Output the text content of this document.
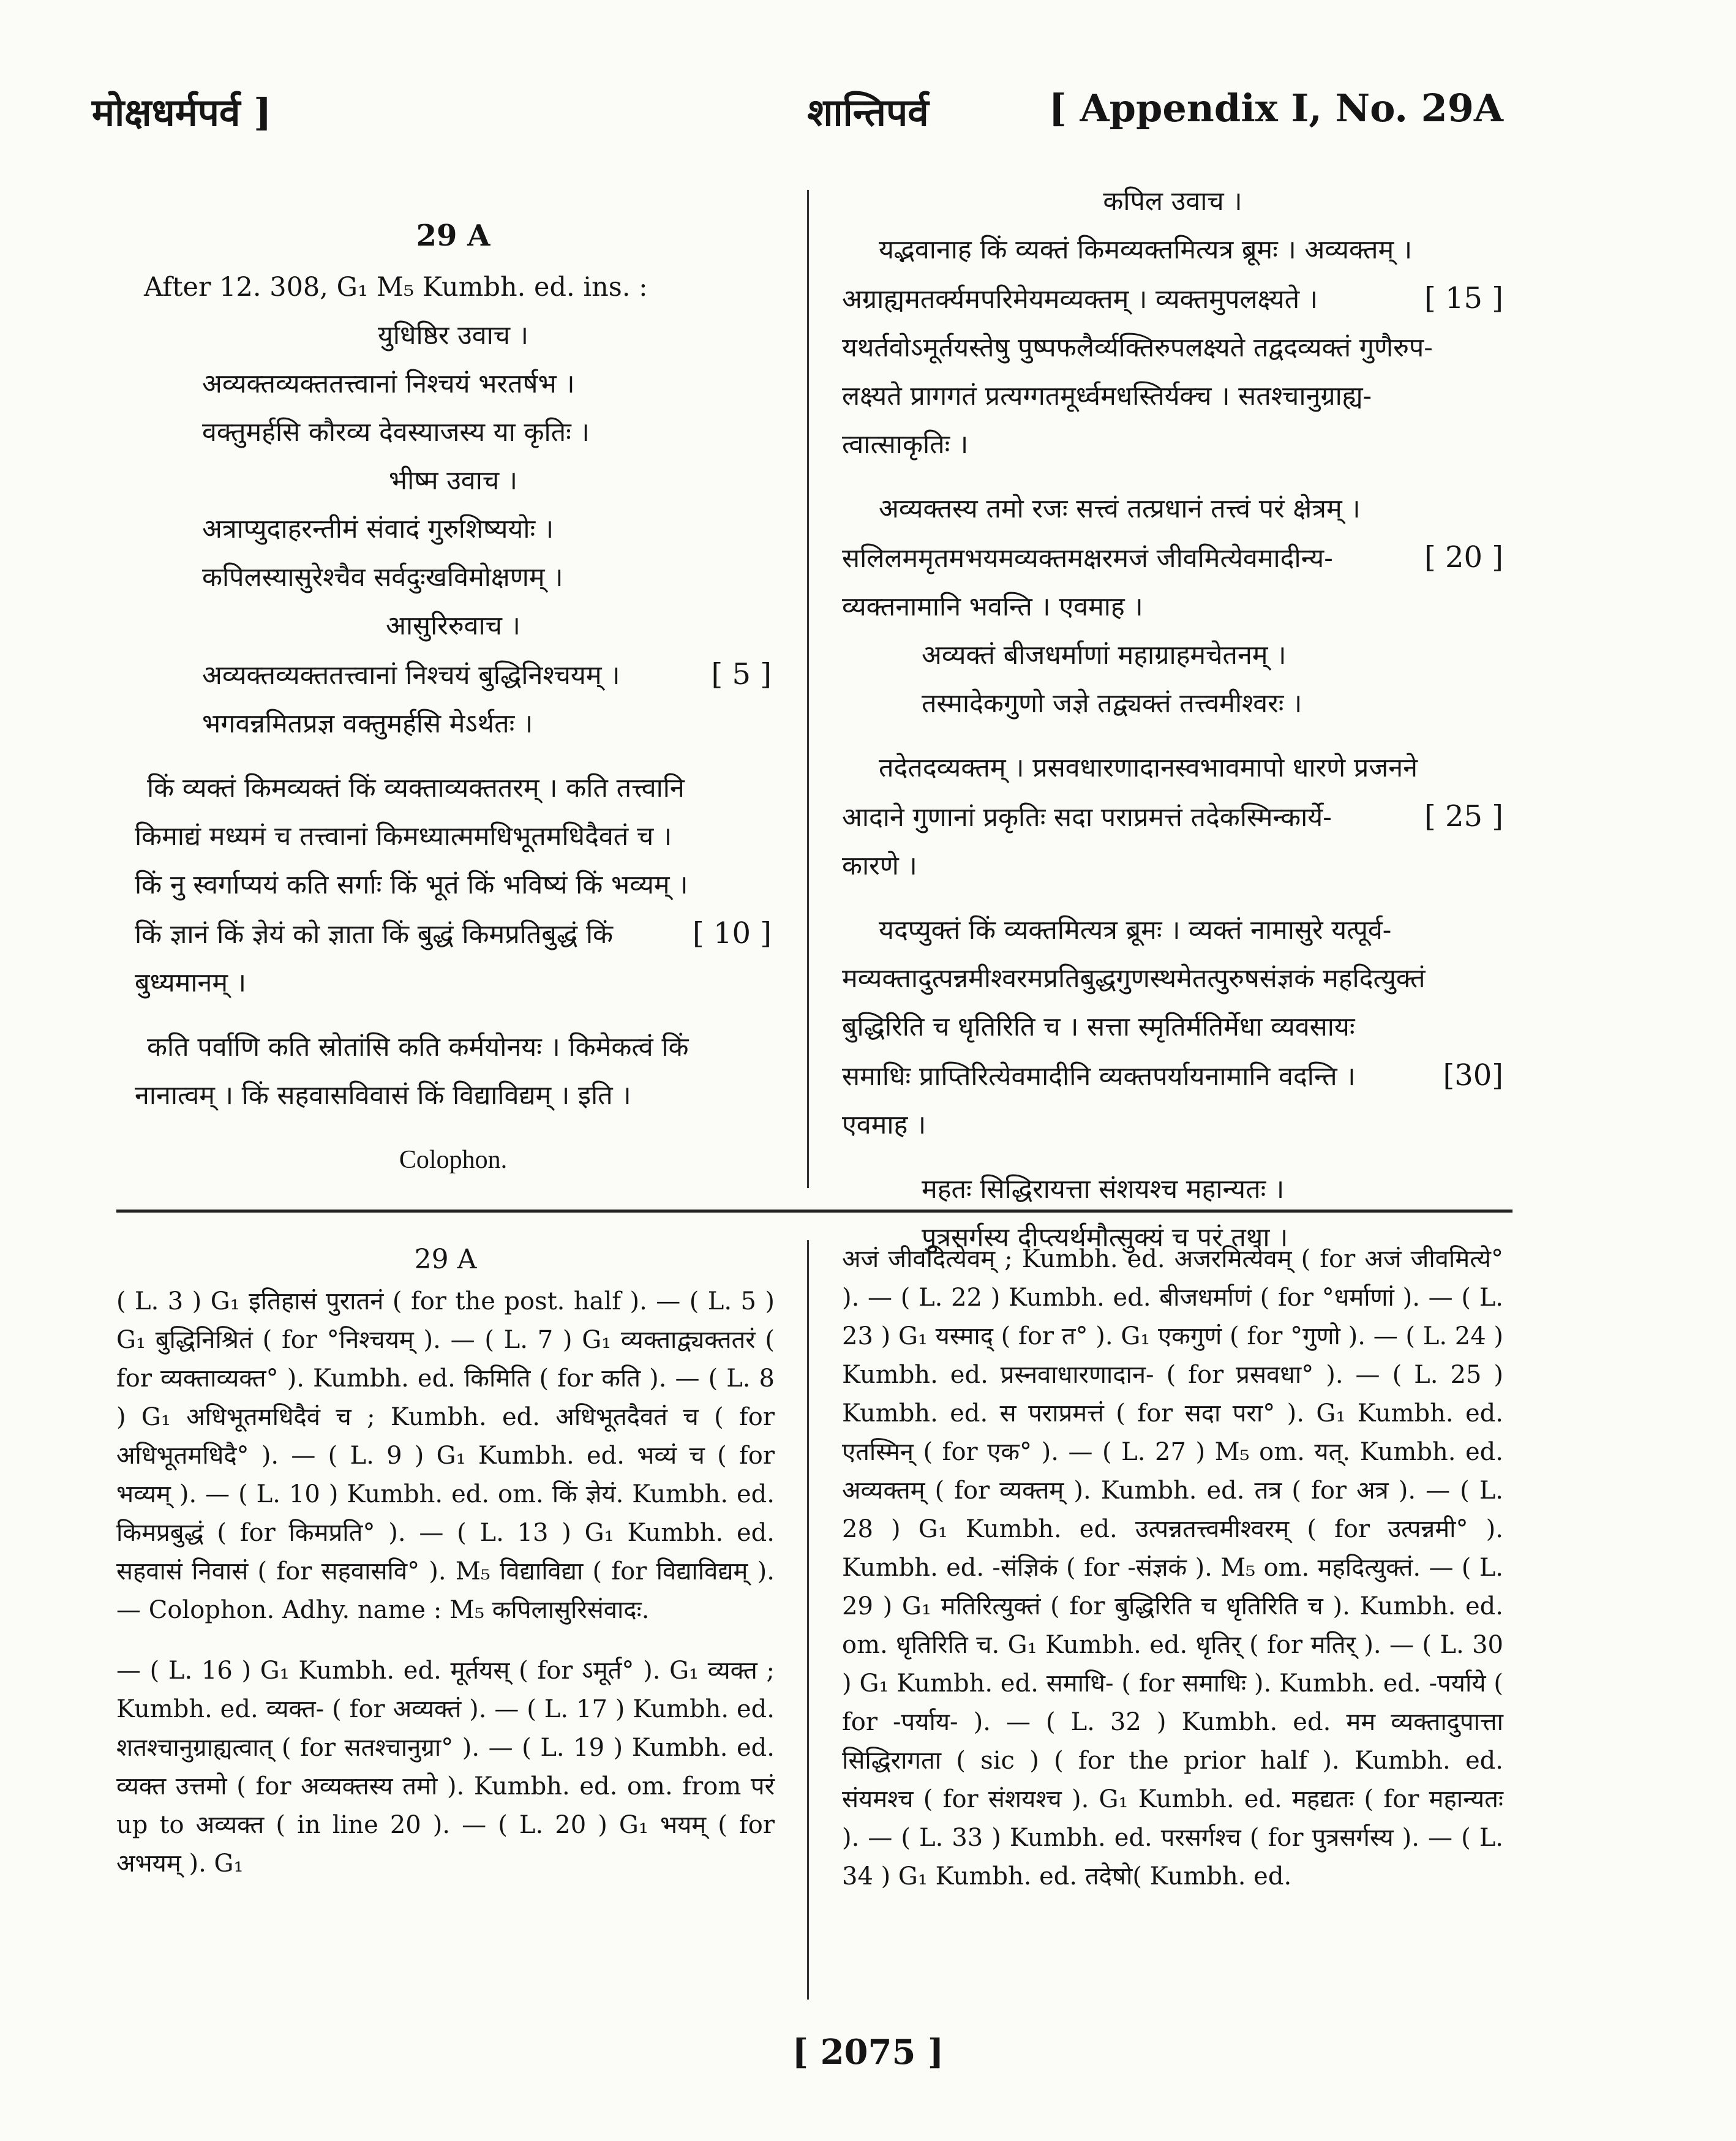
मोक्षधर्मपर्व ]	शान्तिपर्व	[ Appendix I, No. 29A

29 A

After 12. 308, G₁ M₅ Kumbh. ed. ins. :

युधिष्ठिर उवाच ।

अव्यक्तव्यक्ततत्त्वानां निश्चयं भरतर्षभ ।

वक्तुमर्हसि कौरव्य देवस्याजस्य या कृतिः ।

भीष्म उवाच ।

अत्राप्युदाहरन्तीमं संवादं गुरुशिष्ययोः ।

कपिलस्यासुरेश्चैव सर्वदुःखविमोक्षणम् ।

आसुरिरुवाच ।

अव्यक्तव्यक्ततत्त्वानां निश्चयं बुद्धिनिश्चयम् ।	[ 5 ]

भगवन्नमितप्रज्ञ वक्तुमर्हसि मेऽर्थतः ।

किं व्यक्तं किमव्यक्तं किं व्यक्ताव्यक्ततरम् । कति तत्त्वानि

किमाद्यं मध्यमं च तत्त्वानां किमध्यात्ममधिभूतमधिदैवतं च ।

किं नु स्वर्गाप्ययं कति सर्गाः किं भूतं किं भविष्यं किं भव्यम् ।

किं ज्ञानं किं ज्ञेयं को ज्ञाता किं बुद्धं किमप्रतिबुद्धं किं	[ 10 ]

बुध्यमानम् ।

कति पर्वाणि कति स्रोतांसि कति कर्मयोनयः । किमेकत्वं किं

नानात्वम् । किं सहवासविवासं किं विद्याविद्यम् । इति ।

Colophon.

कपिल उवाच ।

यद्भवानाह किं व्यक्तं किमव्यक्तमित्यत्र ब्रूमः । अव्यक्तम् ।

अग्राह्यमतर्क्यमपरिमेयमव्यक्तम् । व्यक्तमुपलक्ष्यते ।	[ 15 ]

यथर्तवोऽमूर्तयस्तेषु पुष्पफलैर्व्यक्तिरुपलक्ष्यते तद्वदव्यक्तं गुणैरुप-

लक्ष्यते प्रागगतं प्रत्यग्गतमूर्ध्वमधस्तिर्यक्च । सतश्चानुग्राह्य-

त्वात्साकृतिः ।

अव्यक्तस्य तमो रजः सत्त्वं तत्प्रधानं तत्त्वं परं क्षेत्रम् ।

सलिलममृतमभयमव्यक्तमक्षरमजं जीवमित्येवमादीन्य-	[ 20 ]

व्यक्तनामानि भवन्ति । एवमाह ।

अव्यक्तं बीजधर्माणां महाग्राहमचेतनम् ।

तस्मादेकगुणो जज्ञे तद्व्यक्तं तत्त्वमीश्वरः ।

तदेतदव्यक्तम् । प्रसवधारणादानस्वभावमापो धारणे प्रजनने

आदाने गुणानां प्रकृतिः सदा पराप्रमत्तं तदेकस्मिन्कार्ये-	[ 25 ]

कारणे ।

यदप्युक्तं किं व्यक्तमित्यत्र ब्रूमः । व्यक्तं नामासुरे यत्पूर्व-

मव्यक्तादुत्पन्नमीश्वरमप्रतिबुद्धगुणस्थमेतत्पुरुषसंज्ञकं महदित्युक्तं

बुद्धिरिति च धृतिरिति च । सत्ता स्मृतिर्मतिर्मेधा व्यवसायः

समाधिः प्राप्तिरित्येवमादीनि व्यक्तपर्यायनामानि वदन्ति ।	[30]

एवमाह ।

महतः सिद्धिरायत्ता संशयश्च महान्यतः ।

पुत्रसर्गस्य दीप्त्यर्थमौत्सुक्यं च परं तथा ।

29 A

( L. 3 ) G₁ इतिहासं पुरातनं ( for the post. half ). — ( L. 5 ) G₁ बुद्धिनिश्रितं ( for °निश्चयम् ). — ( L. 7 ) G₁ व्यक्ताद्व्यक्ततरं ( for व्यक्ताव्यक्त° ). Kumbh. ed. किमिति ( for कति ). — ( L. 8 ) G₁ अधिभूतमधिदैवं च ; Kumbh. ed. अधिभूतदैवतं च ( for अधिभूतमधिदै° ). — ( L. 9 ) G₁ Kumbh. ed. भव्यं च ( for भव्यम् ). — ( L. 10 ) Kumbh. ed. om. किं ज्ञेयं. Kumbh. ed. किमप्रबुद्धं ( for किमप्रति° ). — ( L. 13 ) G₁ Kumbh. ed. सहवासं निवासं ( for सहवासवि° ). M₅ विद्याविद्या ( for विद्याविद्यम् ). — Colophon. Adhy. name : M₅ कपिलासुरिसंवादः.

— ( L. 16 ) G₁ Kumbh. ed. मूर्तयस् ( for ऽमूर्त° ). G₁ व्यक्त ; Kumbh. ed. व्यक्त- ( for अव्यक्तं ). — ( L. 17 ) Kumbh. ed. शतश्चानुग्राह्यत्वात् ( for सतश्चानुग्रा° ). — ( L. 19 ) Kumbh. ed. व्यक्त उत्तमो ( for अव्यक्तस्य तमो ). Kumbh. ed. om. from परं up to अव्यक्त ( in line 20 ). — ( L. 20 ) G₁ भयम् ( for अभयम् ). G₁

अजं जीवदित्येवम् ; Kumbh. ed. अजरमित्येवम् ( for अजं जीवमित्ये° ). — ( L. 22 ) Kumbh. ed. बीजधर्माणं ( for °धर्माणां ). — ( L. 23 ) G₁ यस्माद् ( for त° ). G₁ एकगुणं ( for °गुणो ). — ( L. 24 ) Kumbh. ed. प्रस्नवाधारणादान- ( for प्रसवधा° ). — ( L. 25 ) Kumbh. ed. स पराप्रमत्तं ( for सदा परा° ). G₁ Kumbh. ed. एतस्मिन् ( for एक° ). — ( L. 27 ) M₅ om. यत्. Kumbh. ed. अव्यक्तम् ( for व्यक्तम् ). Kumbh. ed. तत्र ( for अत्र ). — ( L. 28 ) G₁ Kumbh. ed. उत्पन्नतत्त्वमीश्वरम् ( for उत्पन्नमी° ). Kumbh. ed. -संज्ञिकं ( for -संज्ञकं ). M₅ om. महदित्युक्तं. — ( L. 29 ) G₁ मतिरित्युक्तं ( for बुद्धिरिति च धृतिरिति च ). Kumbh. ed. om. धृतिरिति च. G₁ Kumbh. ed. धृतिर् ( for मतिर् ). — ( L. 30 ) G₁ Kumbh. ed. समाधि- ( for समाधिः ). Kumbh. ed. -पर्याये ( for -पर्याय- ). — ( L. 32 ) Kumbh. ed. मम व्यक्तादुपात्ता सिद्धिरागता ( sic ) ( for the prior half ). Kumbh. ed. संयमश्च ( for संशयश्च ). G₁ Kumbh. ed. महद्यतः ( for महान्यतः ). — ( L. 33 ) Kumbh. ed. परसर्गश्च ( for पुत्रसर्गस्य ). — ( L. 34 ) G₁ Kumbh. ed. तदेषो( Kumbh. ed.

[ 2075 ]
